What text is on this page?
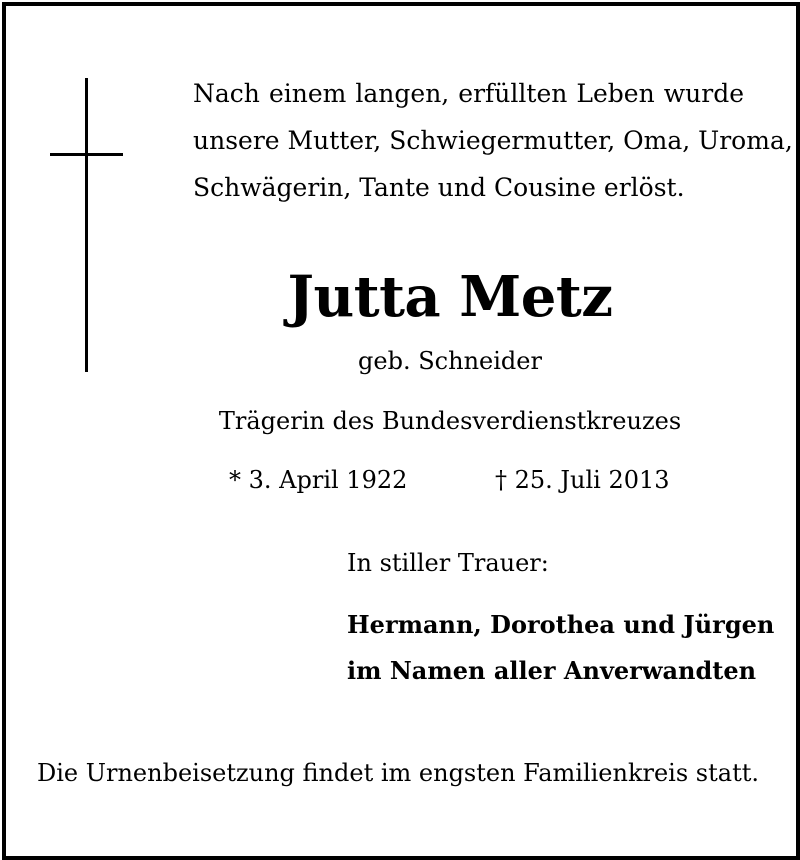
Nach einem langen, erfüllten Leben wurde
unsere Mutter, Schwiegermutter, Oma, Uroma,
Schwägerin, Tante und Cousine erlöst.
Jutta Metz
geb. Schneider
Trägerin des Bundesverdienstkreuzes
* 3. April 1922	† 25. Juli 2013
In stiller Trauer:
Hermann, Dorothea und Jürgen
im Namen aller Anverwandten
Die Urnenbeisetzung findet im engsten Familienkreis statt.
